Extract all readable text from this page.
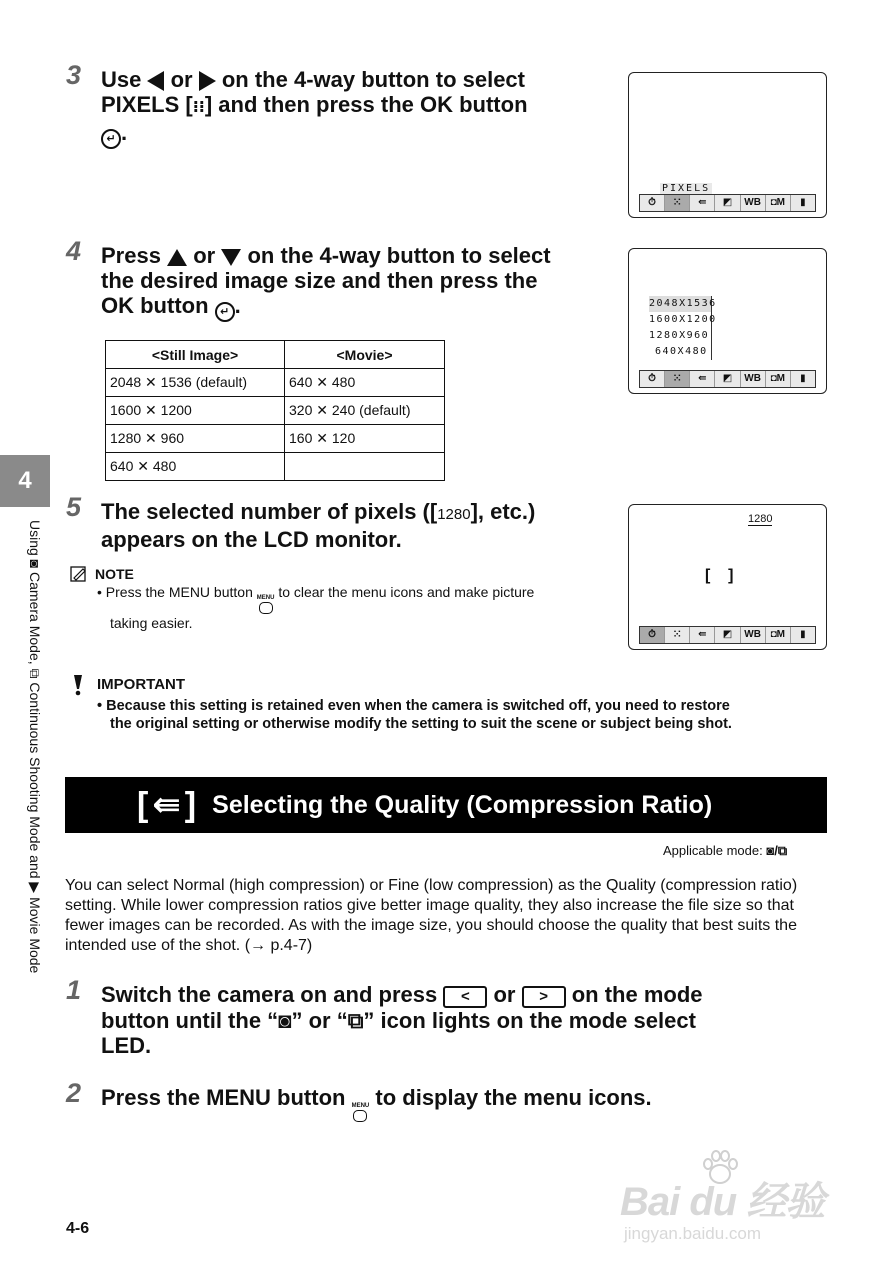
3 Use or on the 4-way button to select
PIXELS [⁝⁝] and then press the OK button
↵ .
PIXELS
⏱	⁙	⇚	◩	WB ◘M	▮
4 Press or on the 4-way button to select
the desired image size and then press the
OK button ↵ .	2048X1536
1600X1200
1280X960
640X480
⏱	⁙	⇚	◩	WB ◘M	▮
<Still Image>	<Movie>
2048 ✕ 1536 (default)	640 ✕ 480
1600 ✕ 1200	320 ✕ 240 (default)
1280 ✕ 960	160 ✕ 120
640 ✕ 480	
4
Using ◙ Camera Mode, ⧉ Continuous Shooting Mode and ▶ Movie Mode
5 The selected number of pixels ([1280], etc.)
appears on the LCD monitor.
1280
[    ]
⏱	⁙	⇚	◩	WB ◘M	▮
NOTE
• Press the MENU button MENU to clear the menu icons and make picture
taking easier.
IMPORTANT
• Because this setting is retained even when the camera is switched off, you need to restore
the original setting or otherwise modify the setting to suit the scene or subject being shot.
[⇚] Selecting the Quality (Compression Ratio)
Applicable mode: ◙/⧉
You can select Normal (high compression) or Fine (low compression) as the Quality (compression ratio) setting. While lower compression ratios give better image quality, they also increase the file size so that fewer images can be recorded. As with the image size, you should choose the quality that best suits the intended use of the shot. (→ p.4-7)
1 Switch the camera on and press < or > on the mode
button until the “◙” or “⧉” icon lights on the mode select
LED.
2 Press the MENU button MENU to display the menu icons.
4-6
Bai du 经验
jingyan.baidu.com
